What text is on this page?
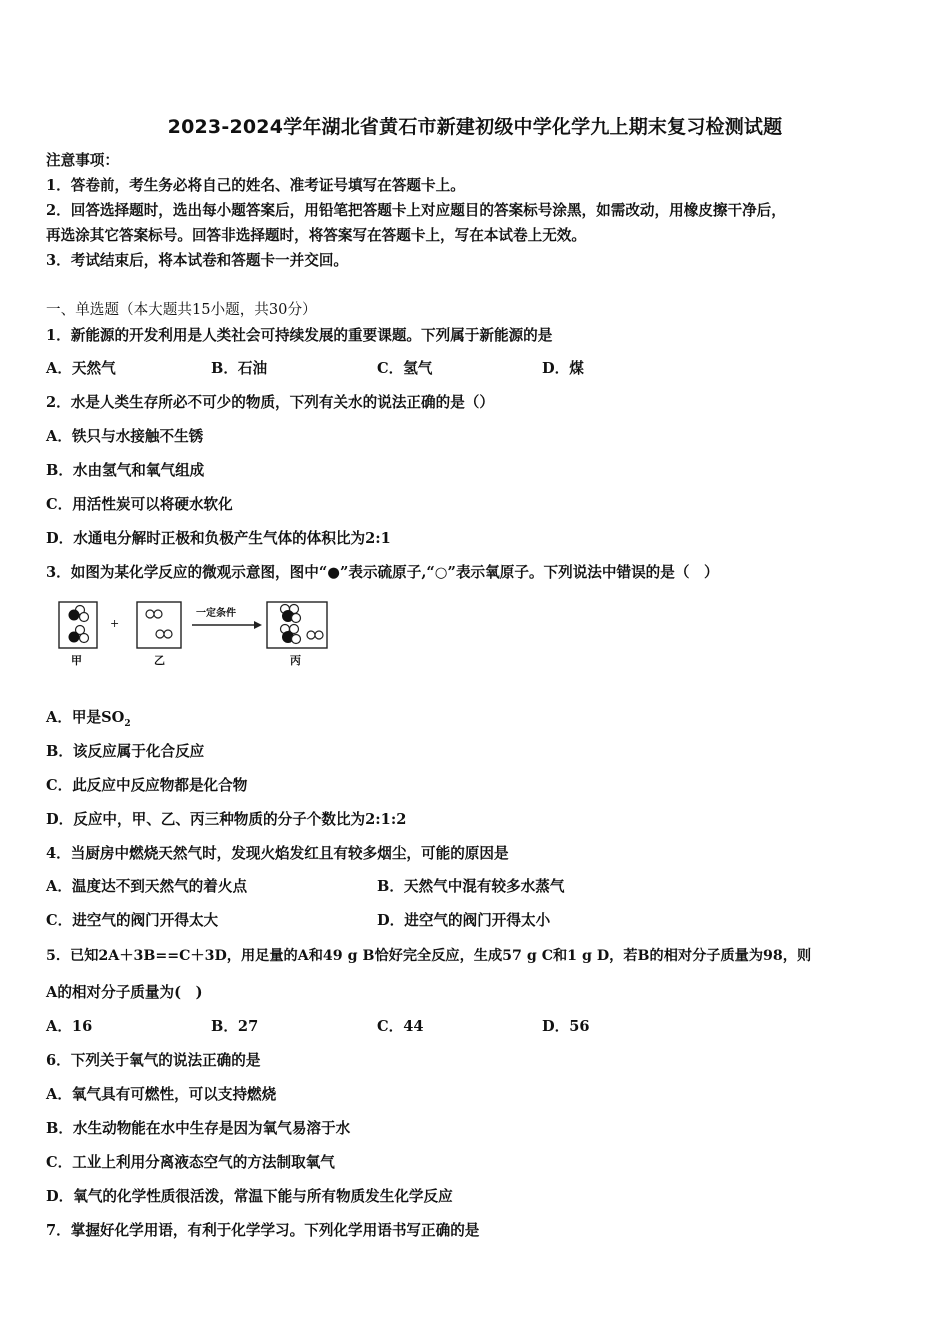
2023-2024学年湖北省黄石市新建初级中学化学九上期末复习检测试题
注意事项：
1．答卷前，考生务必将自己的姓名、准考证号填写在答题卡上。
2．回答选择题时，选出每小题答案后，用铅笔把答题卡上对应题目的答案标号涂黑，如需改动，用橡皮擦干净后，
再选涂其它答案标号。回答非选择题时，将答案写在答题卡上，写在本试卷上无效。
3．考试结束后，将本试卷和答题卡一并交回。
一、单选题（本大题共15小题，共30分）
1．新能源的开发利用是人类社会可持续发展的重要课题。下列属于新能源的是
A．天然气	B．石油	C．氢气	D．煤
2．水是人类生存所必不可少的物质，下列有关水的说法正确的是（）
A．铁只与水接触不生锈
B．水由氢气和氧气组成
C．用活性炭可以将硬水软化
D．水通电分解时正极和负极产生气体的体积比为2:1
3．如图为某化学反应的微观示意图，图中“●”表示硫原子,“○”表示氧原子。下列说法中错误的是（　）
+
一定条件
甲	乙	丙
A．甲是$SO_2$
B．该反应属于化合反应
C．此反应中反应物都是化合物
D．反应中，甲、乙、丙三种物质的分子个数比为2:1:2
4．当厨房中燃烧天然气时，发现火焰发红且有较多烟尘，可能的原因是
A．温度达不到天然气的着火点	B．天然气中混有较多水蒸气
C．进空气的阀门开得太大	D．进空气的阀门开得太小
5．已知2A＋3B==C＋3D，用足量的A和49 g B恰好完全反应，生成57 g C和1 g D，若B的相对分子质量为98，则
A的相对分子质量为(　)
A．16	B．27	C．44	D．56
6．下列关于氧气的说法正确的是
A．氧气具有可燃性，可以支持燃烧
B．水生动物能在水中生存是因为氧气易溶于水
C．工业上利用分离液态空气的方法制取氧气
D．氧气的化学性质很活泼，常温下能与所有物质发生化学反应
7．掌握好化学用语，有利于化学学习。下列化学用语书写正确的是
